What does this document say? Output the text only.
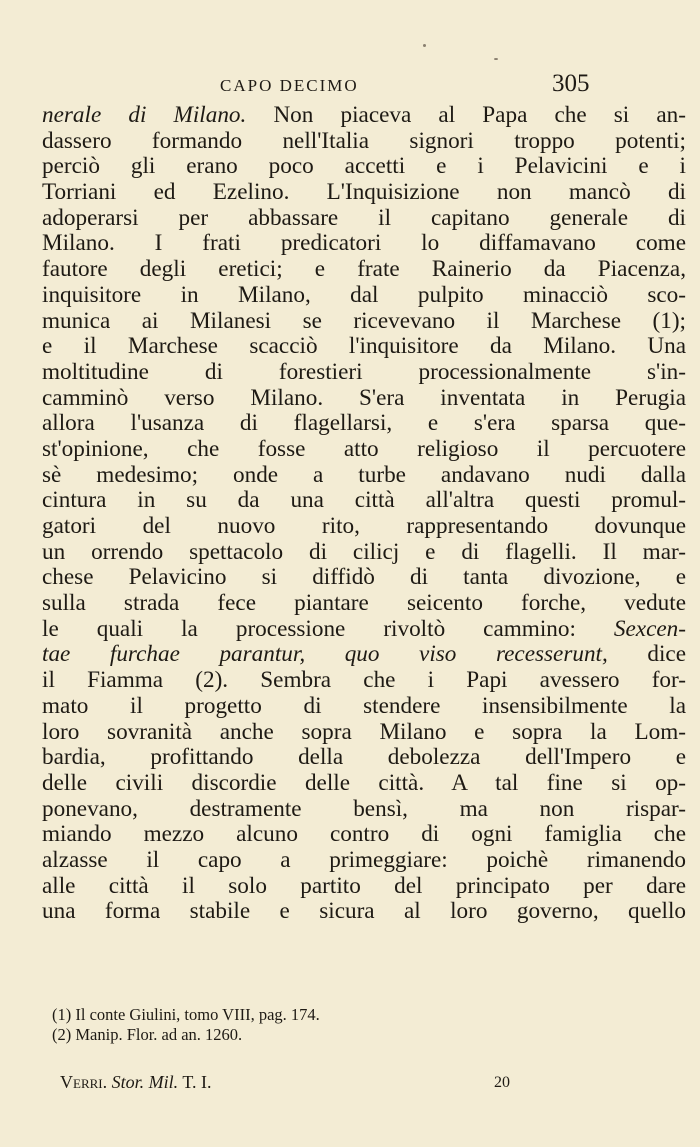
CAPO DECIMO	305
nerale di Milano. Non piaceva al Papa che si an-
dassero formando nell'Italia signori troppo potenti;
perciò gli erano poco accetti e i Pelavicini e i
Torriani ed Ezelino. L'Inquisizione non mancò di
adoperarsi per abbassare il capitano generale di
Milano. I frati predicatori lo diffamavano come
fautore degli eretici; e frate Rainerio da Piacenza,
inquisitore in Milano, dal pulpito minacciò sco-
munica ai Milanesi se ricevevano il Marchese (1);
e il Marchese scacciò l'inquisitore da Milano. Una
moltitudine di forestieri processionalmente s'in-
camminò verso Milano. S'era inventata in Perugia
allora l'usanza di flagellarsi, e s'era sparsa que-
st'opinione, che fosse atto religioso il percuotere
sè medesimo; onde a turbe andavano nudi dalla
cintura in su da una città all'altra questi promul-
gatori del nuovo rito, rappresentando dovunque
un orrendo spettacolo di cilicj e di flagelli. Il mar-
chese Pelavicino si diffidò di tanta divozione, e
sulla strada fece piantare seicento forche, vedute
le quali la processione rivoltò cammino: Sexcen-
tae furchae parantur, quo viso recesserunt, dice
il Fiamma (2). Sembra che i Papi avessero for-
mato il progetto di stendere insensibilmente la
loro sovranità anche sopra Milano e sopra la Lom-
bardia, profittando della debolezza dell'Impero e
delle civili discordie delle città. A tal fine si op-
ponevano, destramente bensì, ma non rispar-
miando mezzo alcuno contro di ogni famiglia che
alzasse il capo a primeggiare: poichè rimanendo
alle città il solo partito del principato per dare
una forma stabile e sicura al loro governo, quello
(1) Il conte Giulini, tomo VIII, pag. 174.
(2) Manip. Flor. ad an. 1260.
Verri. Stor. Mil. T. I.	20
